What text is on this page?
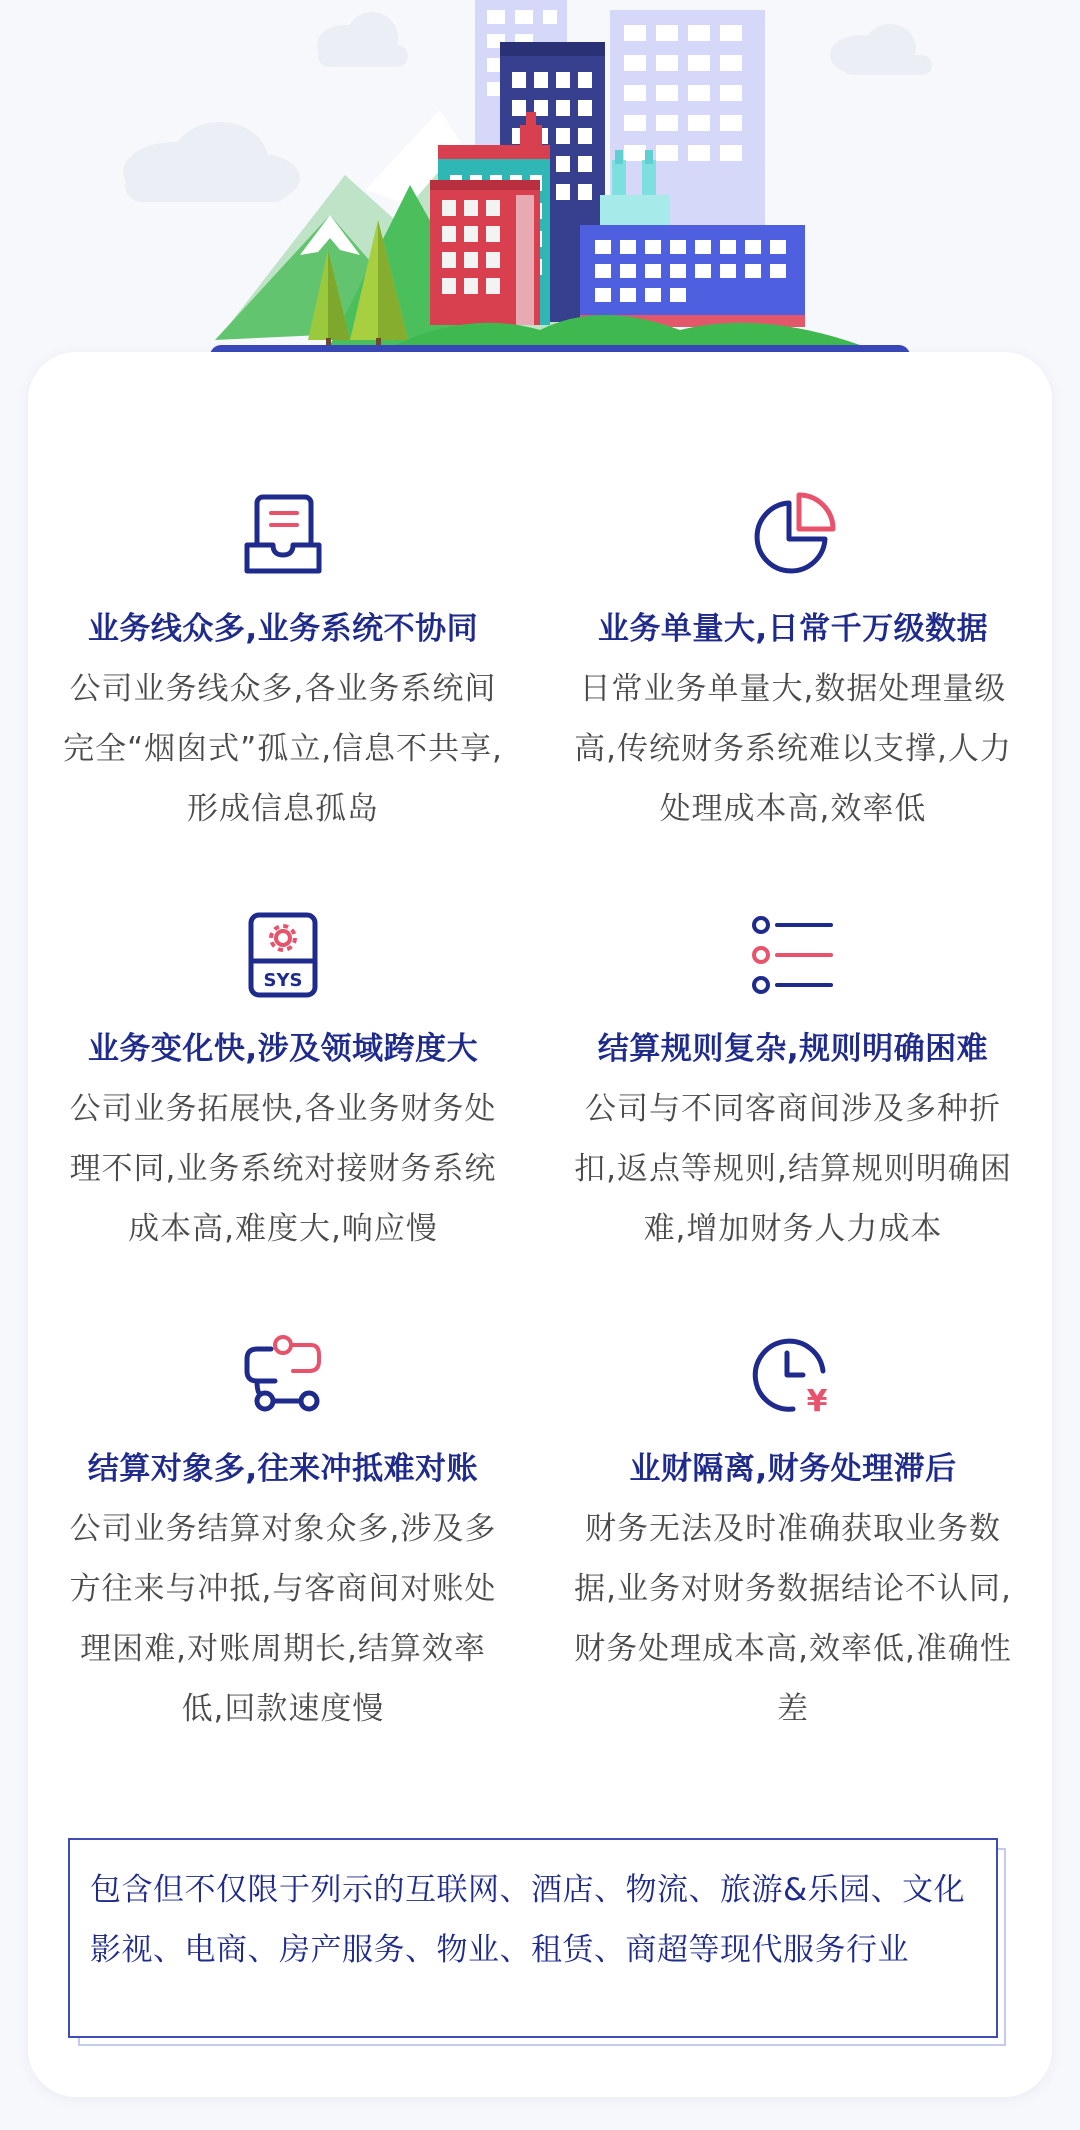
业务线众多,业务系统不协同
公司业务线众多,各业务系统间完全“烟囱式”孤立,信息不共享,形成信息孤岛
业务单量大,日常千万级数据
日常业务单量大,数据处理量级高,传统财务系统难以支撑,人力处理成本高,效率低
SYS
业务变化快,涉及领域跨度大
公司业务拓展快,各业务财务处理不同,业务系统对接财务系统成本高,难度大,响应慢
结算规则复杂,规则明确困难
公司与不同客商间涉及多种折扣,返点等规则,结算规则明确困难,增加财务人力成本
结算对象多,往来冲抵难对账
公司业务结算对象众多,涉及多方往来与冲抵,与客商间对账处理困难,对账周期长,结算效率低,回款速度慢
¥
业财隔离,财务处理滞后
财务无法及时准确获取业务数据,业务对财务数据结论不认同,财务处理成本高,效率低,准确性差
包含但不仅限于列示的互联网、酒店、物流、旅游&乐园、文化影视、电商、房产服务、物业、租赁、商超等现代服务行业
